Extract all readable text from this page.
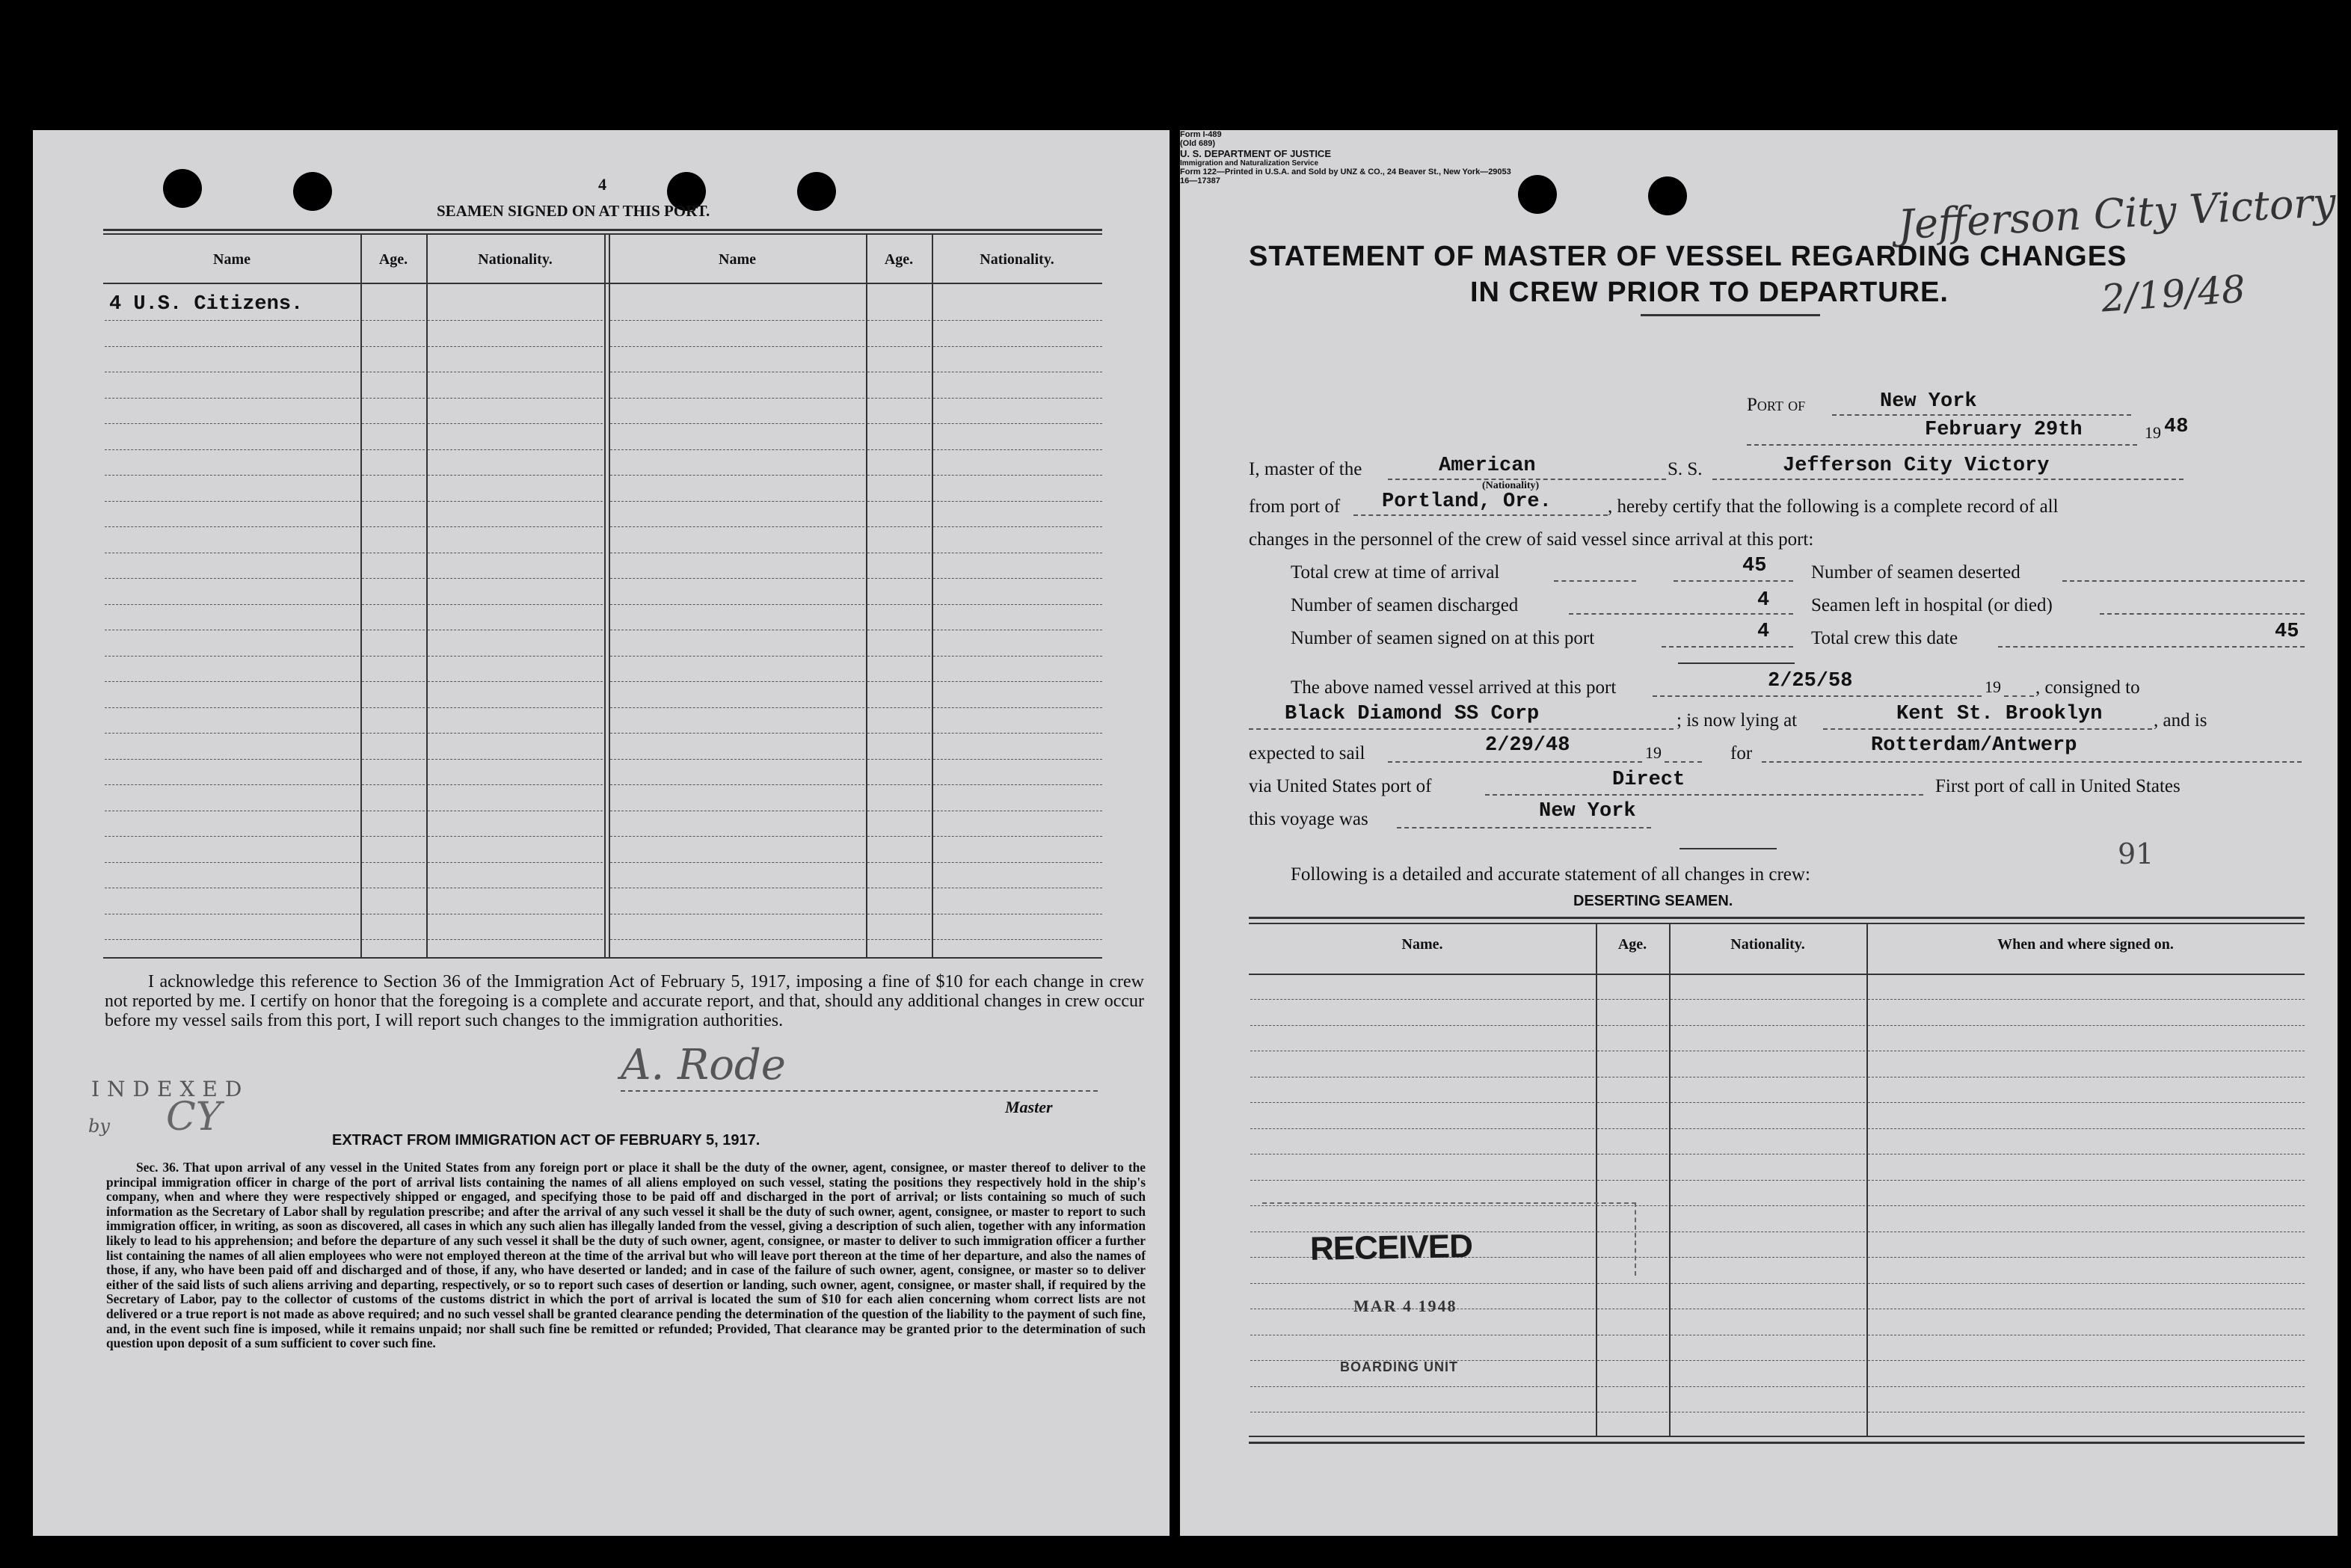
4
SEAMEN SIGNED ON AT THIS PORT.
Name	Age.	Nationality.	Name	Age.	Nationality.
4 U.S. Citizens.
I acknowledge this reference to Section 36 of the Immigration Act of February 5, 1917, imposing a fine of $10 for each change in crew not reported by me. I certify on honor that the foregoing is a complete and accurate report, and that, should any additional changes in crew occur before my vessel sails from this port, I will report such changes to the immigration authorities.
INDEXED
by CY
A. Rode
Master
EXTRACT FROM IMMIGRATION ACT OF FEBRUARY 5, 1917.
Sec. 36. That upon arrival of any vessel in the United States from any foreign port or place it shall be the duty of the owner, agent, consignee, or master thereof to deliver to the principal immigration officer in charge of the port of arrival lists containing the names of all aliens employed on such vessel, stating the positions they respectively hold in the ship's company, when and where they were respectively shipped or engaged, and specifying those to be paid off and discharged in the port of arrival; or lists containing so much of such information as the Secretary of Labor shall by regulation prescribe; and after the arrival of any such vessel it shall be the duty of such owner, agent, consignee, or master to report to such immigration officer, in writing, as soon as discovered, all cases in which any such alien has illegally landed from the vessel, giving a description of such alien, together with any information likely to lead to his apprehension; and before the departure of any such vessel it shall be the duty of such owner, agent, consignee, or master to deliver to such immigration officer a further list containing the names of all alien employees who were not employed thereon at the time of the arrival but who will leave port thereon at the time of her departure, and also the names of those, if any, who have been paid off and discharged and of those, if any, who have deserted or landed; and in case of the failure of such owner, agent, consignee, or master so to deliver either of the said lists of such aliens arriving and departing, respectively, or so to report such cases of desertion or landing, such owner, agent, consignee, or master shall, if required by the Secretary of Labor, pay to the collector of customs of the customs district in which the port of arrival is located the sum of $10 for each alien concerning whom correct lists are not delivered or a true report is not made as above required; and no such vessel shall be granted clearance pending the determination of the question of the liability to the payment of such fine, and, in the event such fine is imposed, while it remains unpaid; nor shall such fine be remitted or refunded; Provided, That clearance may be granted prior to the determination of such question upon deposit of a sum sufficient to cover such fine.
Form I-489
(Old 689)
U. S. DEPARTMENT OF JUSTICE
Immigration and Naturalization Service
Form 122—Printed in U.S.A. and Sold by UNZ & CO., 24 Beaver St., New York—29053
Jefferson City Victory
STATEMENT OF MASTER OF VESSEL REGARDING CHANGES
IN CREW PRIOR TO DEPARTURE.	2/19/48
Port of	New York
February 29th	19 48
I, master of the	American
(Nationality)
S. S.	Jefferson City Victory
from port of Portland, Ore.	, hereby certify that the following is a complete record of all
changes in the personnel of the crew of said vessel since arrival at this port:
Total crew at time of arrival	45 Number of seamen deserted
Number of seamen discharged	4 Seamen left in hospital (or died)
Number of seamen signed on at this port	4 Total crew this date	45
The above named vessel arrived at this port	2/25/58	19 , consigned to
Black Diamond SS Corp	; is now lying at	Kent St. Brooklyn	, and is
expected to sail	2/29/48	19	for	Rotterdam/Antwerp
via United States port of	Direct	First port of call in United States
this voyage was	New York
91
Following is a detailed and accurate statement of all changes in crew:
DESERTING SEAMEN.
Name.	Age.	Nationality.	When and where signed on.
RECEIVED
MAR 4 1948
BOARDING UNIT
16—17387
